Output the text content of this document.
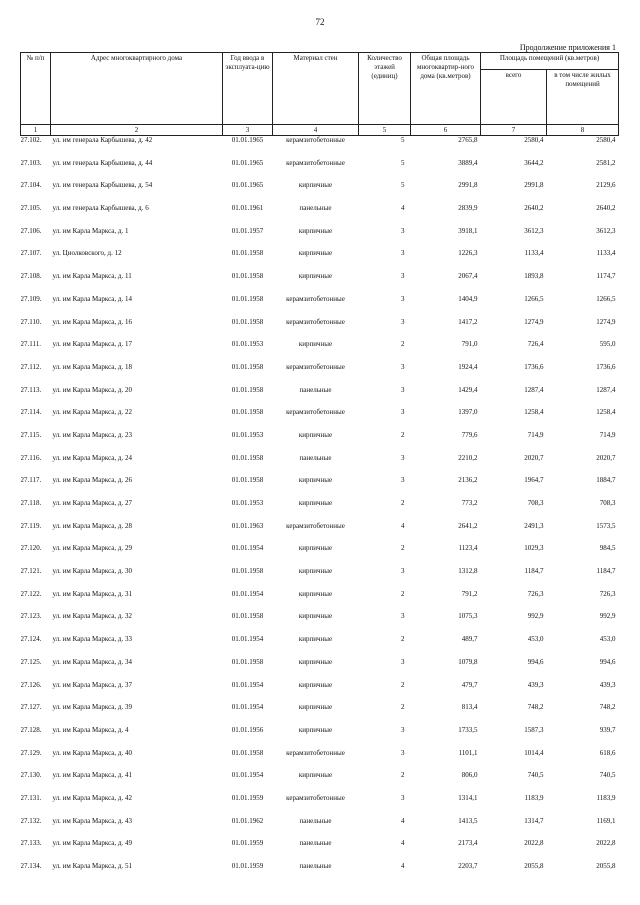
72
Продолжение приложения 1
№ п/п	Адрес многоквартирного дома	Год ввода в эксплуата-цию	Материал стен	Количество этажей (единиц)	Общая площадь многоквартир-ного дома (кв.метров)	Площадь помещений (кв.метров)	
						всего	в том числе жилых помещений
1	2	3	4	5	6	7	8
27.102.	ул. им генерала Карбышева, д. 42	01.01.1965	керамзитобетонные	5	2765,8	2580,4	2580,4
27.103.	ул. им генерала Карбышева, д. 44	01.01.1965	керамзитобетонные	5	3889,4	3644,2	2581,2
27.104.	ул. им генерала Карбышева, д. 54	01.01.1965	кирпичные	5	2991,8	2991,8	2129,6
27.105.	ул. им генерала Карбышева, д. 6	01.01.1961	панельные	4	2839,9	2640,2	2640,2
27.106.	ул. им Карла Маркса, д. 1	01.01.1957	кирпичные	3	3918,1	3612,3	3612,3
27.107.	ул. Циолковского, д. 12	01.01.1958	кирпичные	3	1226,3	1133,4	1133,4
27.108.	ул. им Карла Маркса, д. 11	01.01.1958	кирпичные	3	2067,4	1893,8	1174,7
27.109.	ул. им Карла Маркса, д. 14	01.01.1958	керамзитобетонные	3	1404,9	1266,5	1266,5
27.110.	ул. им Карла Маркса, д. 16	01.01.1958	керамзитобетонные	3	1417,2	1274,9	1274,9
27.111.	ул. им Карла Маркса, д. 17	01.01.1953	кирпичные	2	791,0	726,4	595,0
27.112.	ул. им Карла Маркса, д. 18	01.01.1958	керамзитобетонные	3	1924,4	1736,6	1736,6
27.113.	ул. им Карла Маркса, д. 20	01.01.1958	панельные	3	1429,4	1287,4	1287,4
27.114.	ул. им Карла Маркса, д. 22	01.01.1958	керамзитобетонные	3	1397,0	1258,4	1258,4
27.115.	ул. им Карла Маркса, д. 23	01.01.1953	кирпичные	2	779,6	714,9	714,9
27.116.	ул. им Карла Маркса, д. 24	01.01.1958	панельные	3	2210,2	2020,7	2020,7
27.117.	ул. им Карла Маркса, д. 26	01.01.1958	кирпичные	3	2136,2	1964,7	1884,7
27.118.	ул. им Карла Маркса, д. 27	01.01.1953	кирпичные	2	773,2	708,3	708,3
27.119.	ул. им Карла Маркса, д. 28	01.01.1963	керамзитобетонные	4	2641,2	2491,3	1573,5
27.120.	ул. им Карла Маркса, д. 29	01.01.1954	кирпичные	2	1123,4	1029,3	984,5
27.121.	ул. им Карла Маркса, д. 30	01.01.1958	кирпичные	3	1312,8	1184,7	1184,7
27.122.	ул. им Карла Маркса, д. 31	01.01.1954	кирпичные	2	791,2	726,3	726,3
27.123.	ул. им Карла Маркса, д. 32	01.01.1958	кирпичные	3	1075,3	992,9	992,9
27.124.	ул. им Карла Маркса, д. 33	01.01.1954	кирпичные	2	489,7	453,0	453,0
27.125.	ул. им Карла Маркса, д. 34	01.01.1958	кирпичные	3	1079,8	994,6	994,6
27.126.	ул. им Карла Маркса, д. 37	01.01.1954	кирпичные	2	479,7	439,3	439,3
27.127.	ул. им Карла Маркса, д. 39	01.01.1954	кирпичные	2	813,4	748,2	748,2
27.128.	ул. им Карла Маркса, д. 4	01.01.1956	кирпичные	3	1733,5	1587,3	939,7
27.129.	ул. им Карла Маркса, д. 40	01.01.1958	керамзитобетонные	3	1101,1	1014,4	618,6
27.130.	ул. им Карла Маркса, д. 41	01.01.1954	кирпичные	2	806,0	740,5	740,5
27.131.	ул. им Карла Маркса, д. 42	01.01.1959	керамзитобетонные	3	1314,1	1183,9	1183,9
27.132.	ул. им Карла Маркса, д. 43	01.01.1962	панельные	4	1413,5	1314,7	1169,1
27.133.	ул. им Карла Маркса, д. 49	01.01.1959	панельные	4	2173,4	2022,8	2022,8
27.134.	ул. им Карла Маркса, д. 51	01.01.1959	панельные	4	2203,7	2055,8	2055,8
